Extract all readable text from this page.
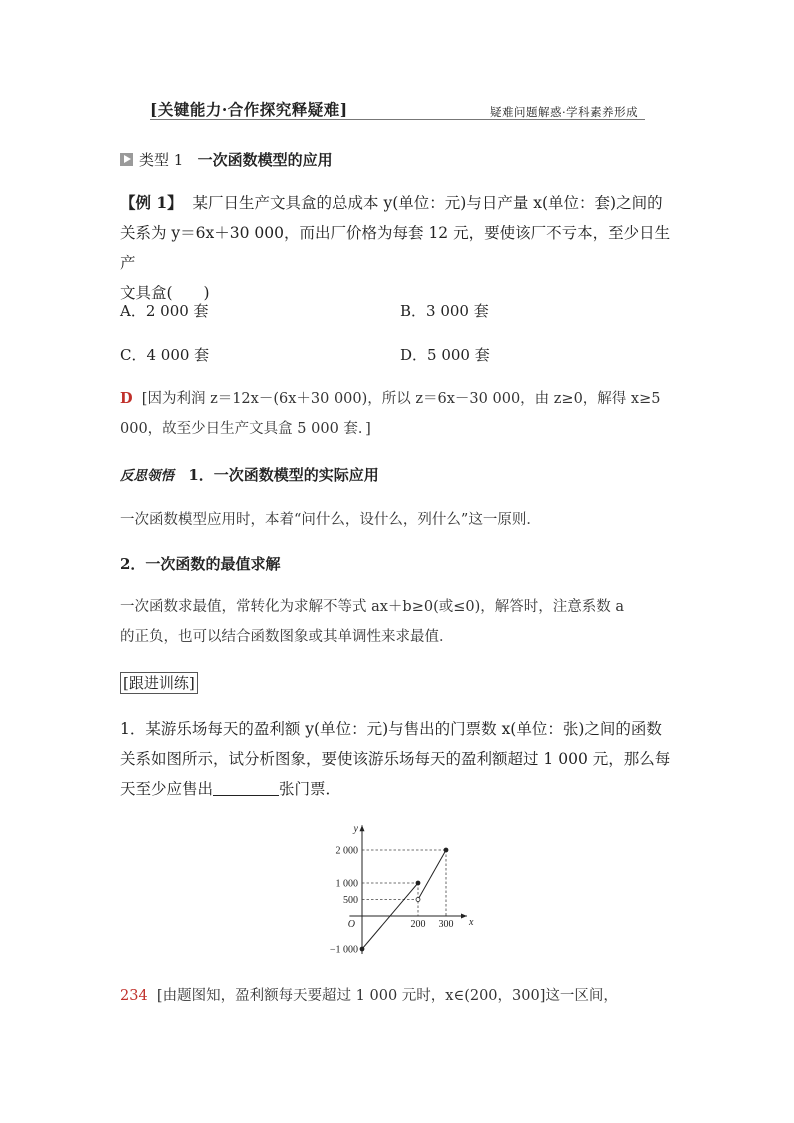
[关键能力·合作探究释疑难]	疑难问题解惑·学科素养形成
类型 1 一次函数模型的应用
【例 1】 某厂日生产文具盒的总成本 y(单位：元)与日产量 x(单位：套)之间的
关系为 y＝6x＋30 000，而出厂价格为每套 12 元，要使该厂不亏本，至少日生产
文具盒(　　)
A．2 000 套	B．3 000 套
C．4 000 套	D．5 000 套
D [因为利润 z＝12x－(6x＋30 000)，所以 z＝6x－30 000，由 z≥0，解得 x≥5
000，故至少日生产文具盒 5 000 套．]
反思领悟 1．一次函数模型的实际应用
一次函数模型应用时，本着“问什么，设什么，列什么”这一原则．
2．一次函数的最值求解
一次函数求最值，常转化为求解不等式 ax＋b≥0(或≤0)，解答时，注意系数 a
的正负，也可以结合函数图象或其单调性来求最值．
[跟进训练]
1．某游乐场每天的盈利额 y(单位：元)与售出的门票数 x(单位：张)之间的函数
关系如图所示，试分析图象，要使该游乐场每天的盈利额超过 1 000 元，那么每
天至少应售出	张门票．
x
y
O
2 000
1 000
500
−1 000
200 300
234 [由题图知，盈利额每天要超过 1 000 元时，x∈(200，300]这一区间，
